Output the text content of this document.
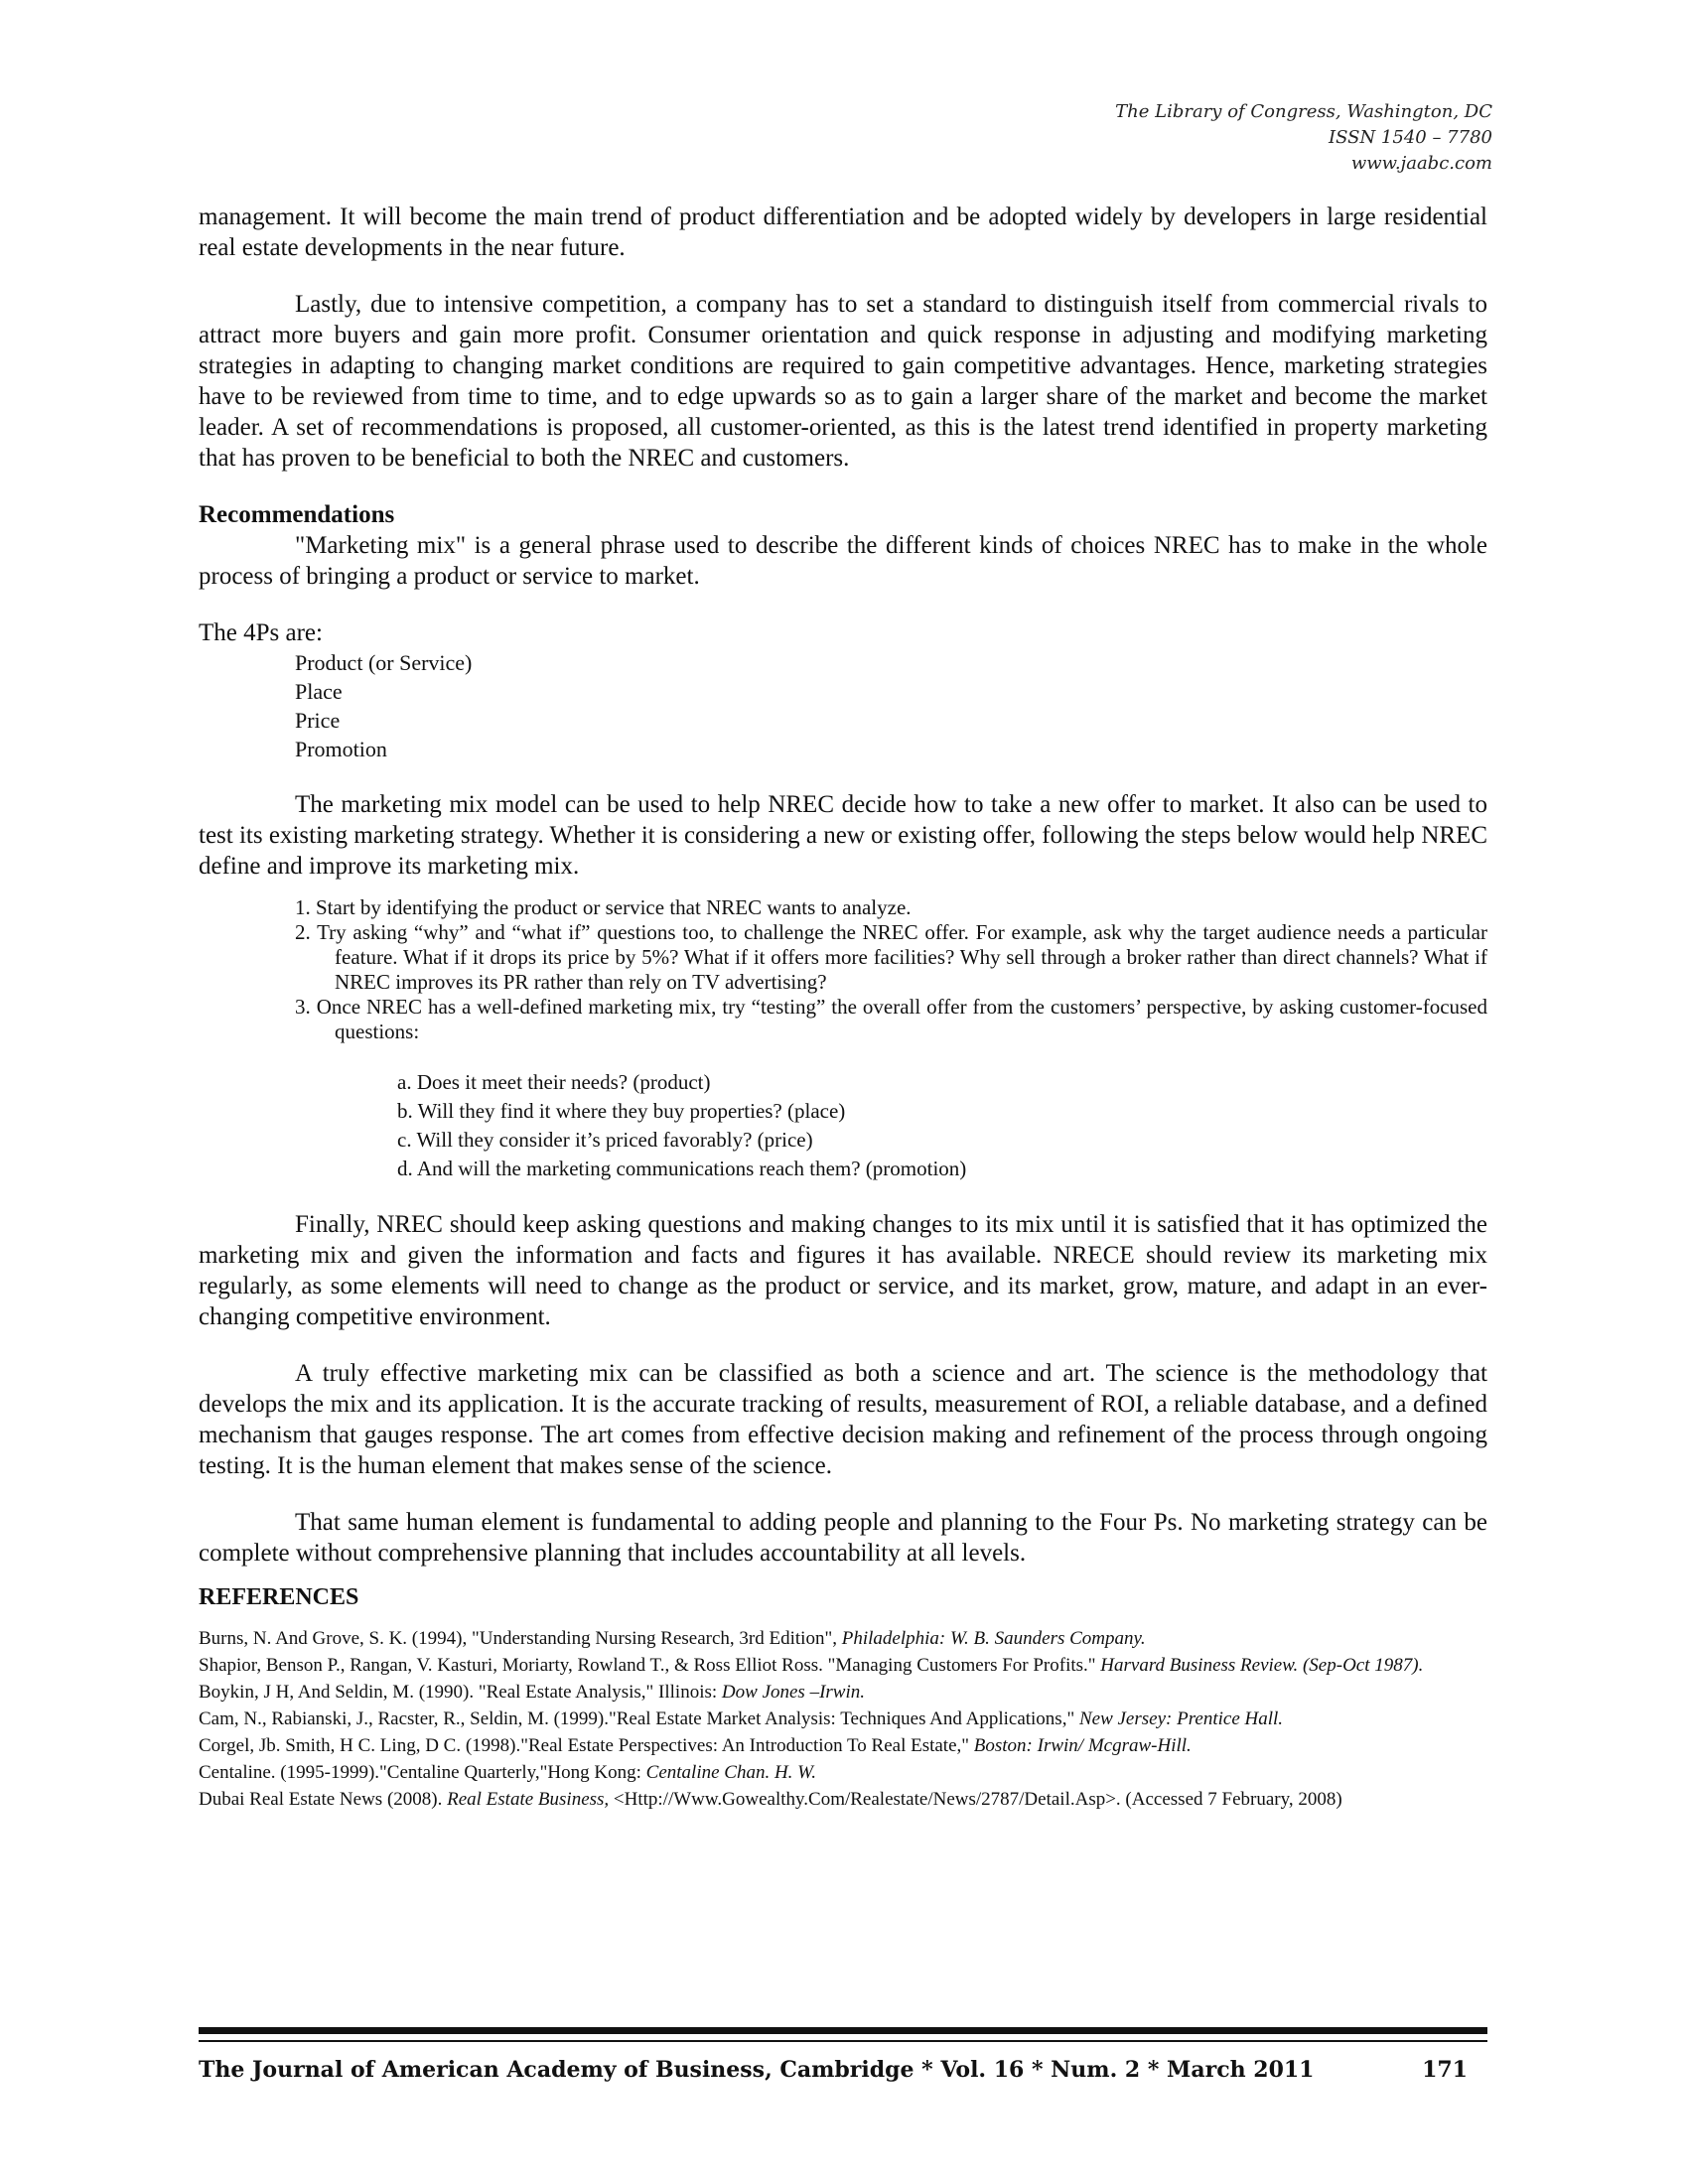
The Library of Congress, Washington, DC
ISSN 1540 – 7780
www.jaabc.com

management. It will become the main trend of product differentiation and be adopted widely by developers in large residential real estate developments in the near future.

Lastly, due to intensive competition, a company has to set a standard to distinguish itself from commercial rivals to attract more buyers and gain more profit. Consumer orientation and quick response in adjusting and modifying marketing strategies in adapting to changing market conditions are required to gain competitive advantages. Hence, marketing strategies have to be reviewed from time to time, and to edge upwards so as to gain a larger share of the market and become the market leader. A set of recommendations is proposed, all customer-oriented, as this is the latest trend identified in property marketing that has proven to be beneficial to both the NREC and customers.

Recommendations

"Marketing mix" is a general phrase used to describe the different kinds of choices NREC has to make in the whole process of bringing a product or service to market.

The 4Ps are:

Product (or Service)
Place
Price
Promotion

The marketing mix model can be used to help NREC decide how to take a new offer to market. It also can be used to test its existing marketing strategy. Whether it is considering a new or existing offer, following the steps below would help NREC define and improve its marketing mix.

1. Start by identifying the product or service that NREC wants to analyze.
2. Try asking “why” and “what if” questions too, to challenge the NREC offer. For example, ask why the target audience needs a particular feature. What if it drops its price by 5%? What if it offers more facilities? Why sell through a broker rather than direct channels? What if NREC improves its PR rather than rely on TV advertising?
3. Once NREC has a well-defined marketing mix, try “testing” the overall offer from the customers’ perspective, by asking customer-focused questions:
a. Does it meet their needs? (product)
b. Will they find it where they buy properties? (place)
c. Will they consider it’s priced favorably? (price)
d. And will the marketing communications reach them? (promotion)

Finally, NREC should keep asking questions and making changes to its mix until it is satisfied that it has optimized the marketing mix and given the information and facts and figures it has available. NRECE should review its marketing mix regularly, as some elements will need to change as the product or service, and its market, grow, mature, and adapt in an ever-changing competitive environment.

A truly effective marketing mix can be classified as both a science and art. The science is the methodology that develops the mix and its application. It is the accurate tracking of results, measurement of ROI, a reliable database, and a defined mechanism that gauges response. The art comes from effective decision making and refinement of the process through ongoing testing. It is the human element that makes sense of the science.

That same human element is fundamental to adding people and planning to the Four Ps. No marketing strategy can be complete without comprehensive planning that includes accountability at all levels.

REFERENCES

Burns, N. And Grove, S. K. (1994), "Understanding Nursing Research, 3rd Edition", Philadelphia: W. B. Saunders Company.
Shapior, Benson P., Rangan, V. Kasturi, Moriarty, Rowland T., & Ross Elliot Ross. "Managing Customers For Profits." Harvard Business Review. (Sep-Oct 1987).
Boykin, J H, And Seldin, M. (1990). "Real Estate Analysis," Illinois: Dow Jones –Irwin.
Cam, N., Rabianski, J., Racster, R., Seldin, M. (1999)."Real Estate Market Analysis: Techniques And Applications," New Jersey: Prentice Hall.
Corgel, Jb. Smith, H C. Ling, D C. (1998)."Real Estate Perspectives: An Introduction To Real Estate," Boston: Irwin/ Mcgraw-Hill.
Centaline. (1995-1999)."Centaline Quarterly,"Hong Kong: Centaline Chan. H. W.
Dubai Real Estate News (2008). Real Estate Business, <Http://Www.Gowealthy.Com/Realestate/News/2787/Detail.Asp>. (Accessed 7 February, 2008)
The Journal of American Academy of Business, Cambridge * Vol. 16 * Num. 2 * March 2011	171
